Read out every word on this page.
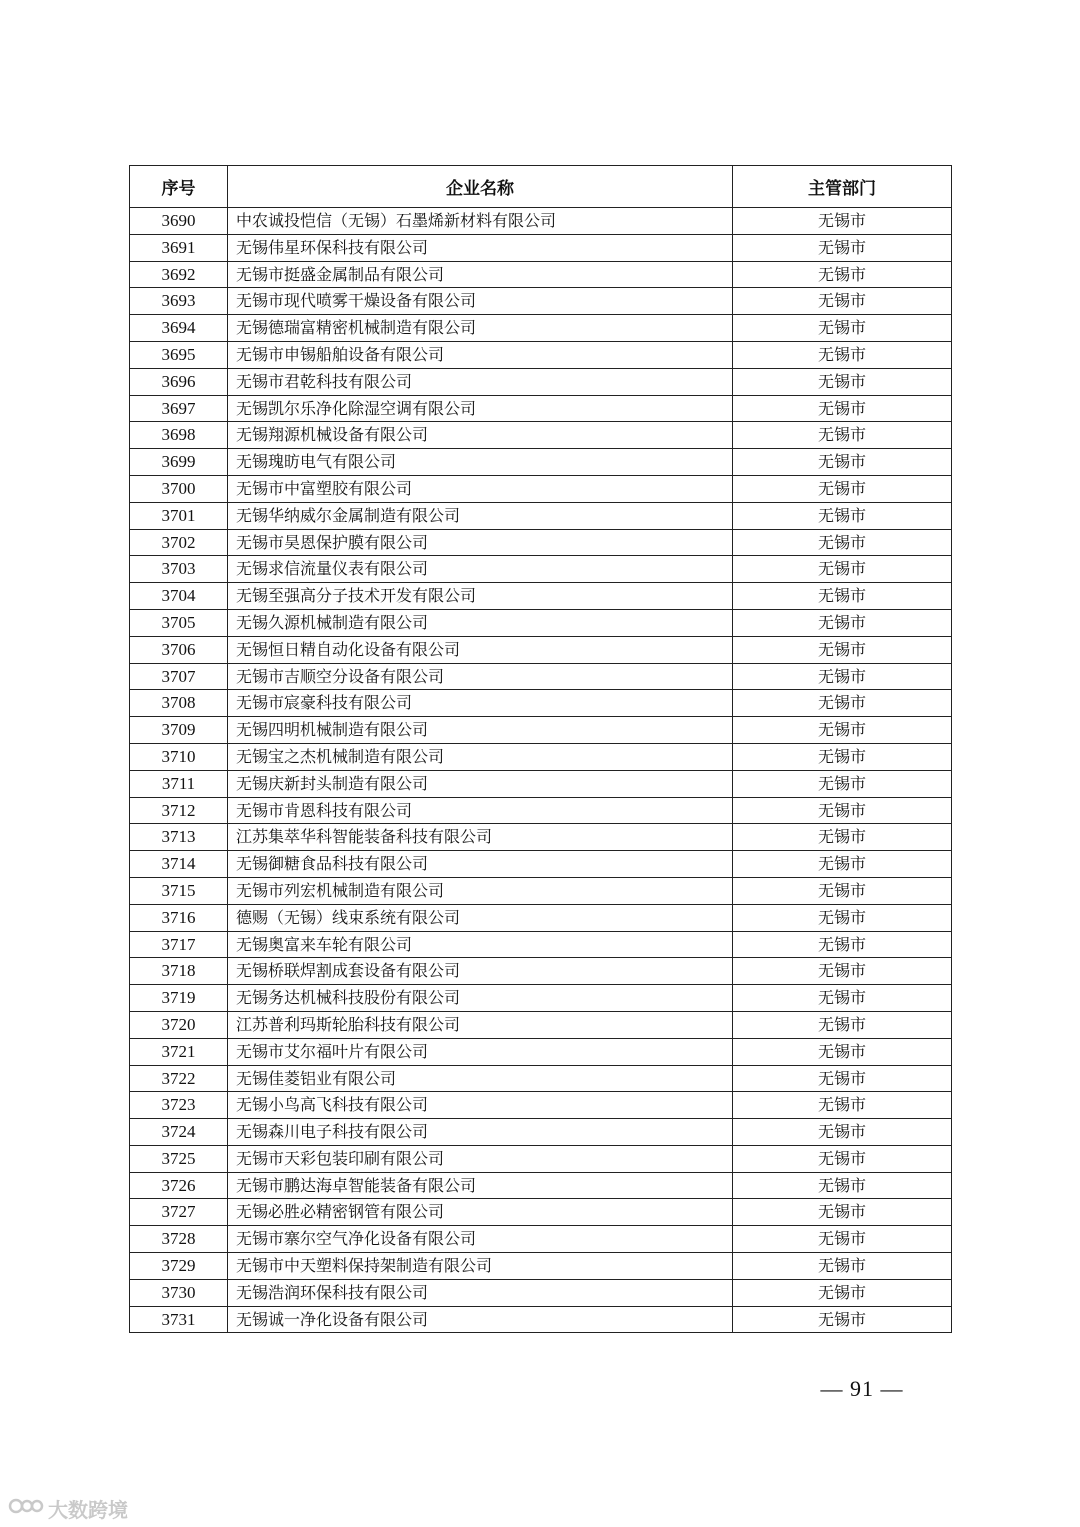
序号	企业名称	主管部门
3690	中农诚投恺信（无锡）石墨烯新材料有限公司	无锡市
3691	无锡伟星环保科技有限公司	无锡市
3692	无锡市挺盛金属制品有限公司	无锡市
3693	无锡市现代喷雾干燥设备有限公司	无锡市
3694	无锡德瑞富精密机械制造有限公司	无锡市
3695	无锡市申锡船舶设备有限公司	无锡市
3696	无锡市君乾科技有限公司	无锡市
3697	无锡凯尔乐净化除湿空调有限公司	无锡市
3698	无锡翔源机械设备有限公司	无锡市
3699	无锡瑰昉电气有限公司	无锡市
3700	无锡市中富塑胶有限公司	无锡市
3701	无锡华纳威尔金属制造有限公司	无锡市
3702	无锡市昊恩保护膜有限公司	无锡市
3703	无锡求信流量仪表有限公司	无锡市
3704	无锡至强高分子技术开发有限公司	无锡市
3705	无锡久源机械制造有限公司	无锡市
3706	无锡恒日精自动化设备有限公司	无锡市
3707	无锡市吉顺空分设备有限公司	无锡市
3708	无锡市宸豪科技有限公司	无锡市
3709	无锡四明机械制造有限公司	无锡市
3710	无锡宝之杰机械制造有限公司	无锡市
3711	无锡庆新封头制造有限公司	无锡市
3712	无锡市肯恩科技有限公司	无锡市
3713	江苏集萃华科智能装备科技有限公司	无锡市
3714	无锡御糖食品科技有限公司	无锡市
3715	无锡市列宏机械制造有限公司	无锡市
3716	德赐（无锡）线束系统有限公司	无锡市
3717	无锡奥富来车轮有限公司	无锡市
3718	无锡桥联焊割成套设备有限公司	无锡市
3719	无锡务达机械科技股份有限公司	无锡市
3720	江苏普利玛斯轮胎科技有限公司	无锡市
3721	无锡市艾尔福叶片有限公司	无锡市
3722	无锡佳菱铝业有限公司	无锡市
3723	无锡小鸟高飞科技有限公司	无锡市
3724	无锡森川电子科技有限公司	无锡市
3725	无锡市天彩包装印刷有限公司	无锡市
3726	无锡市鹏达海卓智能装备有限公司	无锡市
3727	无锡必胜必精密钢管有限公司	无锡市
3728	无锡市寨尔空气净化设备有限公司	无锡市
3729	无锡市中天塑料保持架制造有限公司	无锡市
3730	无锡浩润环保科技有限公司	无锡市
3731	无锡诚一净化设备有限公司	无锡市
— 91 —
大数跨境
